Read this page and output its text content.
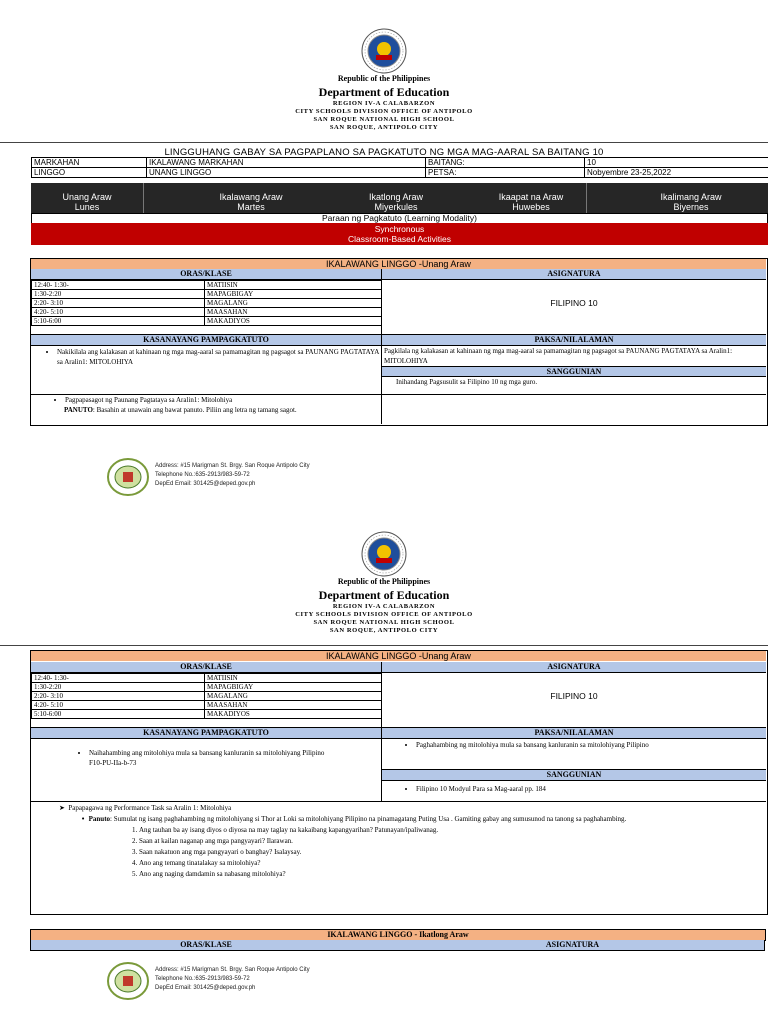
Republic of the Philippines
Department of Education
REGION IV-A CALABARZON
CITY SCHOOLS DIVISION OFFICE OF ANTIPOLO
SAN ROQUE NATIONAL HIGH SCHOOL
SAN ROQUE, ANTIPOLO CITY
LINGGUHANG GABAY SA PAGPAPLANO SA PAGKATUTO NG MGA MAG-AARAL SA BAITANG 10
MARKAHAN	IKALAWANG MARKAHAN	BAITANG:	10
LINGGO	UNANG LINGGO	PETSA:	Nobyembre 23-25,2022
Unang Araw
Lunes
Ikalawang Araw
Martes
Ikatlong Araw
Miyerkules
Ikaapat na Araw
Huwebes
Ikalimang Araw
Biyernes
Paraan ng Pagkatuto (Learning Modality)
Synchronous
Classroom-Based Activities
IKALAWANG LINGGO -Unang Araw
ORAS/KLASE	ASIGNATURA
12:40- 1:30-	MATIISIN
1:30-2:20	MAPAGBIGAY
2:20- 3:10	MAGALANG
4:20- 5:10	MAASAHAN
5:10-6:00	MAKADIYOS
FILIPINO 10
KASANAYANG PAMPAGKATUTO	PAKSA/NILALAMAN
• Nakikilala ang kalakasan at kahinaan ng mga mag-aaral sa pamamagitan ng pagsagot sa PAUNANG PAGTATAYA sa Aralin1: MITOLOHIYA
Pagkilala ng kalakasan at kahinaan ng mga mag-aaral sa pamamagitan ng pagsagot sa PAUNANG PAGTATAYA sa Aralin1: MITOLOHIYA
SANGGUNIAN
Inihandang Pagsusulit sa Filipino 10 ng mga guro.
• Pagpapasagot ng Paunang Pagtataya sa Aralin1: Mitolohiya
PANUTO: Basahin at unawain ang bawat panuto. Piliin ang letra ng tamang sagot.
Address: #15 Marigman St. Brgy. San Roque Antipolo City
Telephone No.:635-2913/983-59-72
DepEd Email: 301425@deped.gov.ph
Republic of the Philippines
Department of Education
REGION IV-A CALABARZON
CITY SCHOOLS DIVISION OFFICE OF ANTIPOLO
SAN ROQUE NATIONAL HIGH SCHOOL
SAN ROQUE, ANTIPOLO CITY
IKALAWANG LINGGO -Unang Araw
ORAS/KLASE	ASIGNATURA
12:40- 1:30-	MATIISIN
1:30-2:20	MAPAGBIGAY
2:20- 3:10	MAGALANG
4:20- 5:10	MAASAHAN
5:10-6:00	MAKADIYOS
FILIPINO 10
KASANAYANG PAMPAGKATUTO	PAKSA/NILALAMAN
• Naihahambing ang mitolohiya mula sa bansang kanluranin sa mitolohiyang Pilipino
F10-PU-IIa-b-73
• Paghahambing ng mitolohiya mula sa bansang kanluranin sa mitolohiyang Pilipino
SANGGUNIAN
• Filipino 10 Modyul Para sa Mag-aaral pp. 184
➤ Papapagawa ng Performance Task sa Aralin 1: Mitolohiya
• Panuto: Sumulat ng isang paghahambing ng mitolohiyang si Thor at Loki sa mitolohiyang Pilipino na pinamagatang Puting Usa . Gamiting gabay ang sumusunod na tanong sa paghahambing.
1. Ang tauhan ba ay isang diyos o diyosa na may taglay na kakaibang kapangyarihan? Patunayan/ipaliwanag.
2. Saan at kailan naganap ang mga pangyayari? Ilarawan.
3. Saan nakatuon ang mga pangyayari o banghay? Isalaysay.
4. Ano ang temang tinatalakay sa mitolohiya?
5. Ano ang naging damdamin sa nabasang mitolohiya?
IKALAWANG LINGGO - Ikatlong Araw
ORAS/KLASE	ASIGNATURA
Address: #15 Marigman St. Brgy. San Roque Antipolo City
Telephone No.:635-2913/983-59-72
DepEd Email: 301425@deped.gov.ph
